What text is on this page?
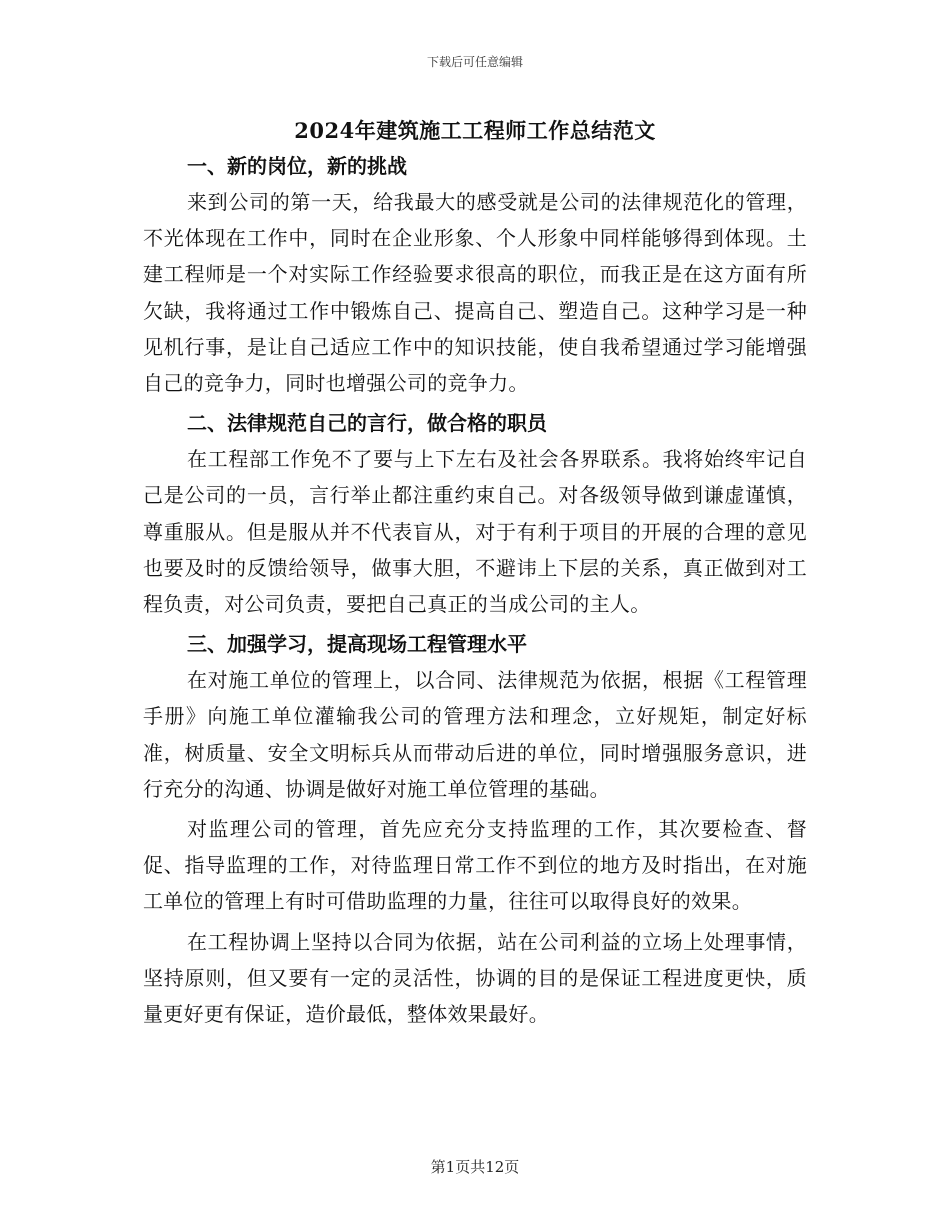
下载后可任意编辑
2024年建筑施工工程师工作总结范文
一、新的岗位，新的挑战

来到公司的第一天，给我最大的感受就是公司的法律规范化的管理，不光体现在工作中，同时在企业形象、个人形象中同样能够得到体现。土建工程师是一个对实际工作经验要求很高的职位，而我正是在这方面有所欠缺，我将通过工作中锻炼自己、提高自己、塑造自己。这种学习是一种见机行事，是让自己适应工作中的知识技能，使自我希望通过学习能增强自己的竞争力，同时也增强公司的竞争力。

二、法律规范自己的言行，做合格的职员

在工程部工作免不了要与上下左右及社会各界联系。我将始终牢记自己是公司的一员，言行举止都注重约束自己。对各级领导做到谦虚谨慎，尊重服从。但是服从并不代表盲从，对于有利于项目的开展的合理的意见也要及时的反馈给领导，做事大胆，不避讳上下层的关系，真正做到对工程负责，对公司负责，要把自己真正的当成公司的主人。

三、加强学习，提高现场工程管理水平

在对施工单位的管理上，以合同、法律规范为依据，根据《工程管理手册》向施工单位灌输我公司的管理方法和理念，立好规矩，制定好标准，树质量、安全文明标兵从而带动后进的单位，同时增强服务意识，进行充分的沟通、协调是做好对施工单位管理的基础。

对监理公司的管理，首先应充分支持监理的工作，其次要检查、督促、指导监理的工作，对待监理日常工作不到位的地方及时指出，在对施工单位的管理上有时可借助监理的力量，往往可以取得良好的效果。

在工程协调上坚持以合同为依据，站在公司利益的立场上处理事情，坚持原则，但又要有一定的灵活性，协调的目的是保证工程进度更快，质量更好更有保证，造价最低，整体效果最好。

第1页共12页
